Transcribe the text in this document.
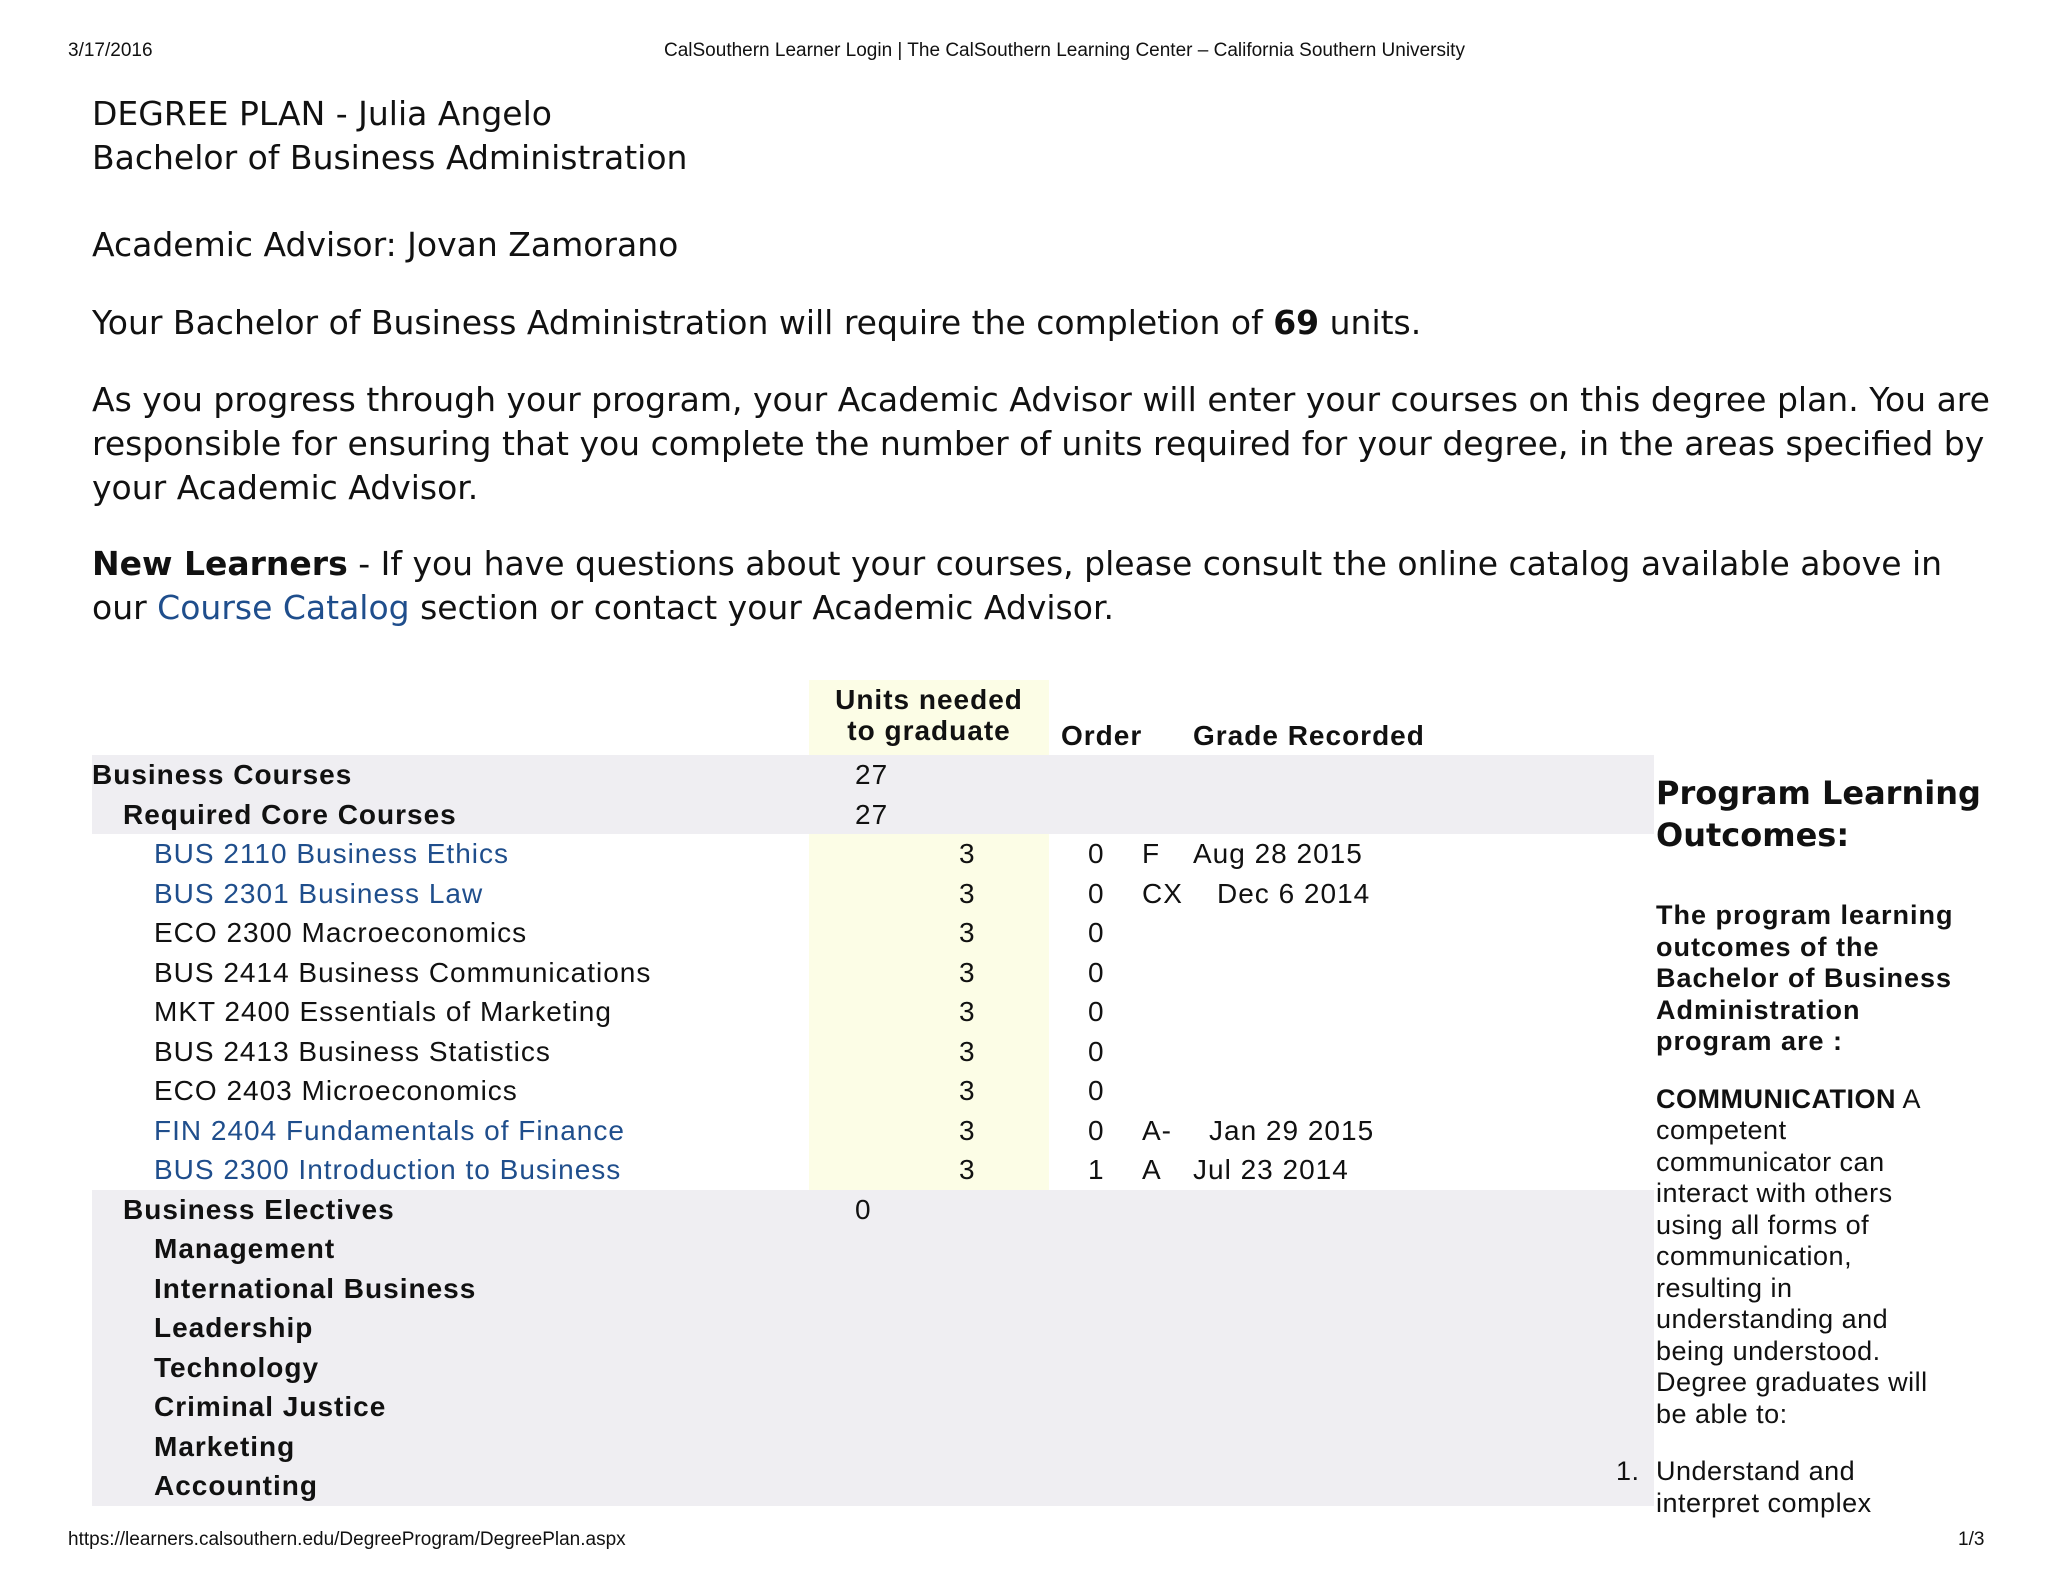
3/17/2016	CalSouthern Learner Login | The CalSouthern Learning Center – California Southern University
DEGREE PLAN - Julia Angelo
Bachelor of Business Administration
Academic Advisor: Jovan Zamorano
Your Bachelor of Business Administration will require the completion of 69 units.
As you progress through your program, your Academic Advisor will enter your courses on this degree plan. You are
responsible for ensuring that you complete the number of units required for your degree, in the areas specified by
your Academic Advisor.
New Learners - If you have questions about your courses, please consult the online catalog available above in
our Course Catalog section or contact your Academic Advisor.
Units needed
to graduate	Order Grade Recorded
Business Courses	27
Required Core Courses	27
BUS 2110 Business Ethics	3	0 F Aug 28 2015
BUS 2301 Business Law	3	0 CX Dec 6 2014
ECO 2300 Macroeconomics	3	0
BUS 2414 Business Communications	3	0
MKT 2400 Essentials of Marketing	3	0
BUS 2413 Business Statistics	3	0
ECO 2403 Microeconomics	3	0
FIN 2404 Fundamentals of Finance	3	0 A- Jan 29 2015
BUS 2300 Introduction to Business	3	1 A Jul 23 2014
Business Electives	0
Management
International Business
Leadership
Technology
Criminal Justice
Marketing
Accounting
Program Learning
Outcomes:
The program learning
outcomes of the
Bachelor of Business
Administration
program are :
COMMUNICATION A
competent
communicator can
interact with others
using all forms of
communication,
resulting in
understanding and
being understood.
Degree graduates will
be able to:
1. Understand and
interpret complex
https://learners.calsouthern.edu/DegreeProgram/DegreePlan.aspx	1/3
